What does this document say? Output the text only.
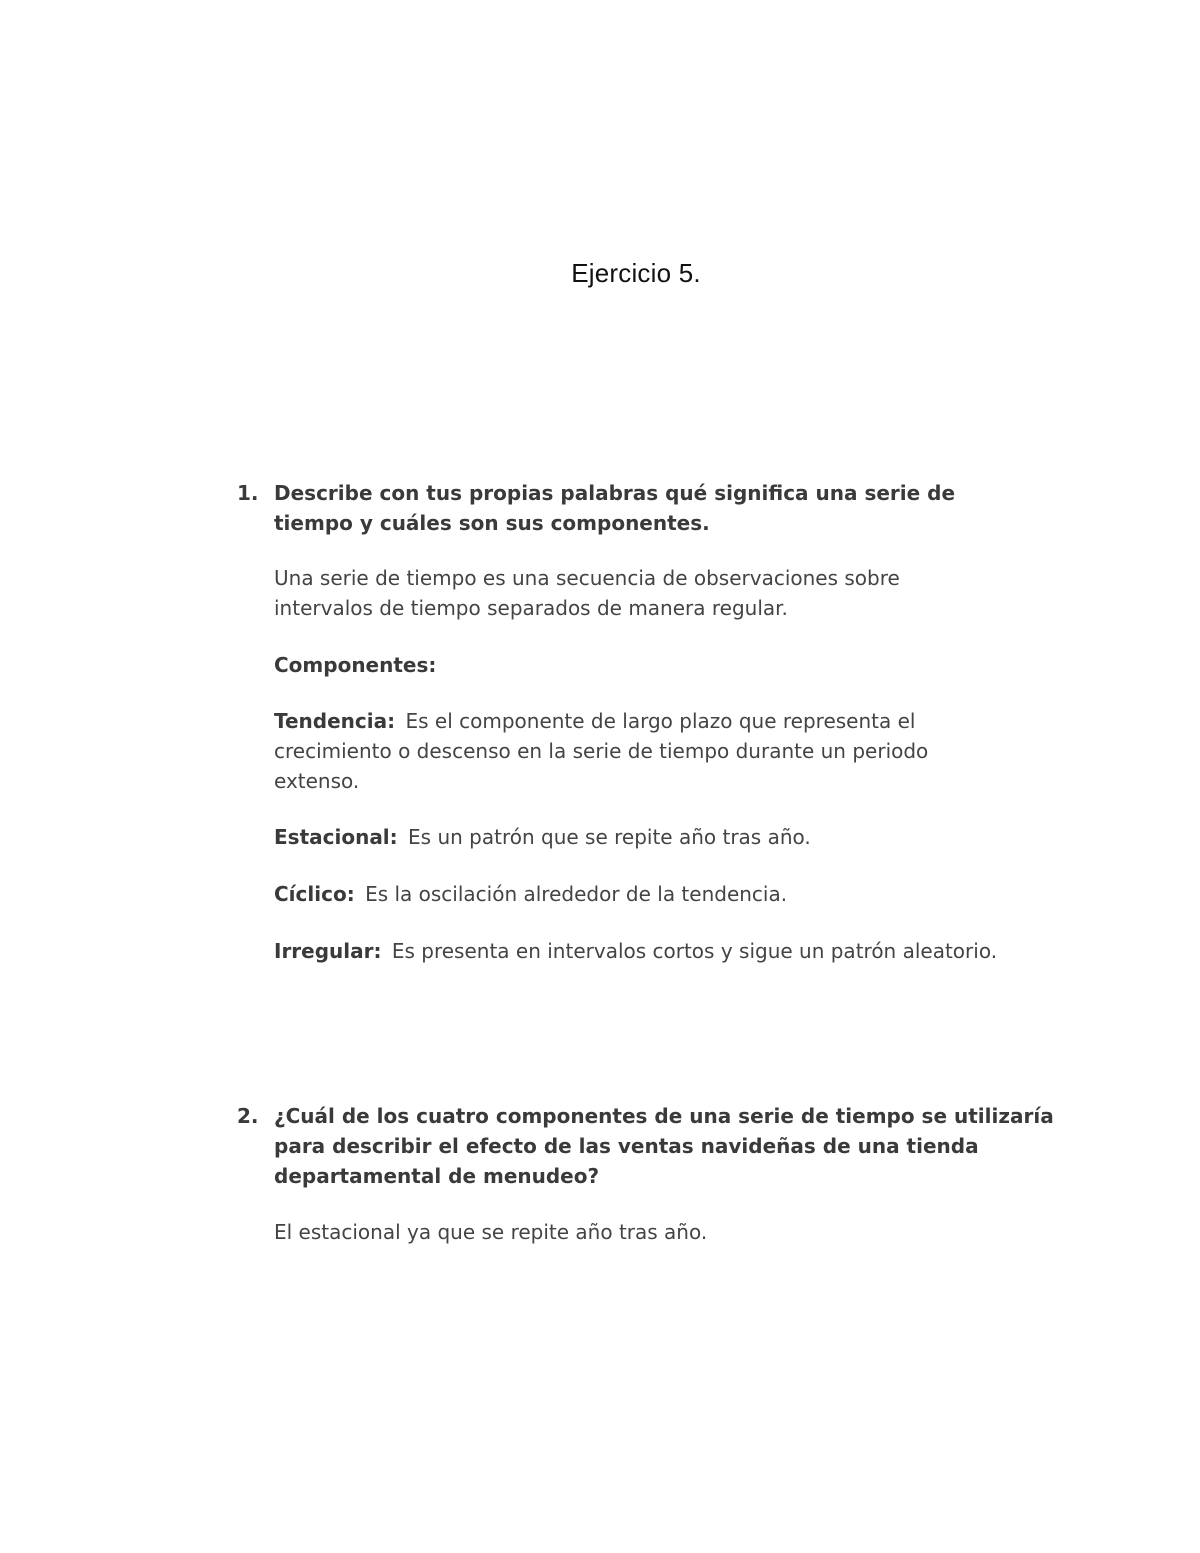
Ejercicio 5.
1. Describe con tus propias palabras qué significa una serie de tiempo y cuáles son sus componentes.
Una serie de tiempo es una secuencia de observaciones sobre intervalos de tiempo separados de manera regular.
Componentes:
Tendencia: Es el componente de largo plazo que representa el crecimiento o descenso en la serie de tiempo durante un periodo extenso.
Estacional: Es un patrón que se repite año tras año.
Cíclico: Es la oscilación alrededor de la tendencia.
Irregular: Es presenta en intervalos cortos y sigue un patrón aleatorio.
2. ¿Cuál de los cuatro componentes de una serie de tiempo se utilizaría para describir el efecto de las ventas navideñas de una tienda departamental de menudeo?
El estacional ya que se repite año tras año.
